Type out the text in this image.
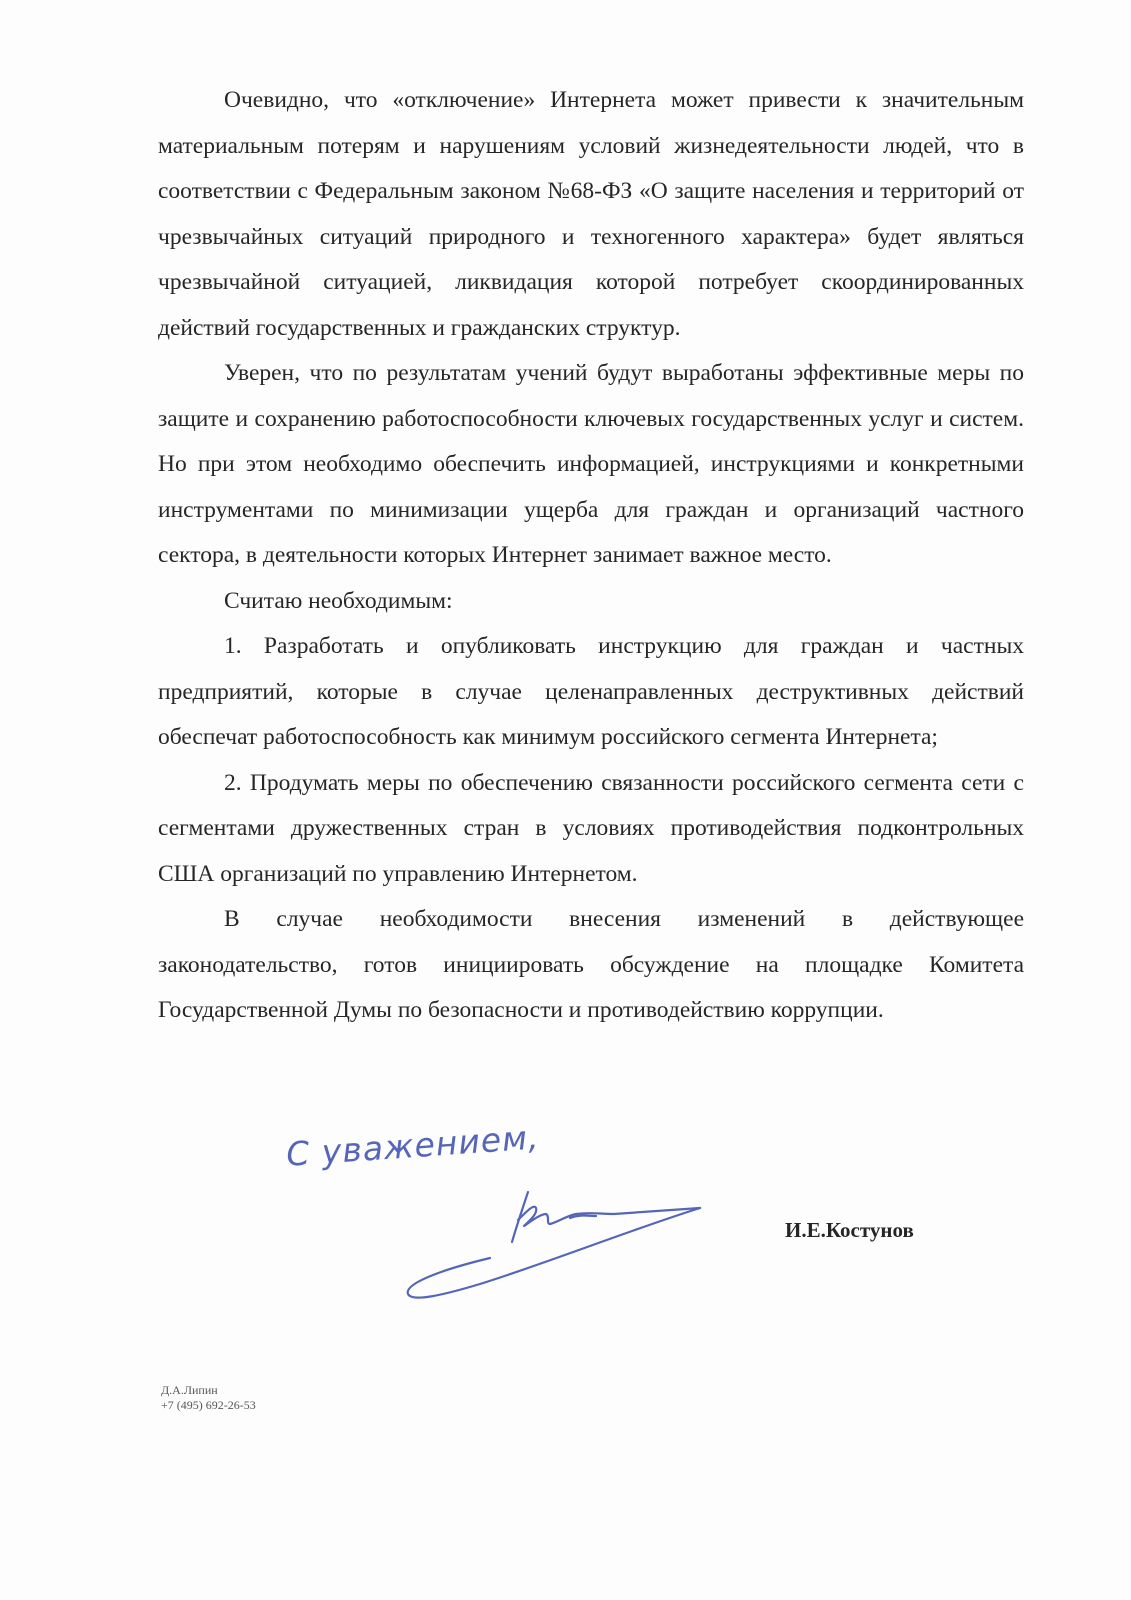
Очевидно, что «отключение» Интернета может привести к значительным материальным потерям и нарушениям условий жизнедеятельности людей, что в соответствии с Федеральным законом №68-ФЗ «О защите населения и территорий от чрезвычайных ситуаций природного и техногенного характера» будет являться чрезвычайной ситуацией, ликвидация которой потребует скоординированных действий государственных и гражданских структур.

Уверен, что по результатам учений будут выработаны эффективные меры по защите и сохранению работоспособности ключевых государственных услуг и систем. Но при этом необходимо обеспечить информацией, инструкциями и конкретными инструментами по минимизации ущерба для граждан и организаций частного сектора, в деятельности которых Интернет занимает важное место.

Считаю необходимым:

1. Разработать и опубликовать инструкцию для граждан и частных предприятий, которые в случае целенаправленных деструктивных действий обеспечат работоспособность как минимум российского сегмента Интернета;

2. Продумать меры по обеспечению связанности российского сегмента сети с сегментами дружественных стран в условиях противодействия подконтрольных США организаций по управлению Интернетом.

В случае необходимости внесения изменений в действующее законодательство, готов инициировать обсуждение на площадке Комитета Государственной Думы по безопасности и противодействию коррупции.

С уважением,
И.Е.Костунов
Д.А.Липин
+7 (495) 692-26-53
